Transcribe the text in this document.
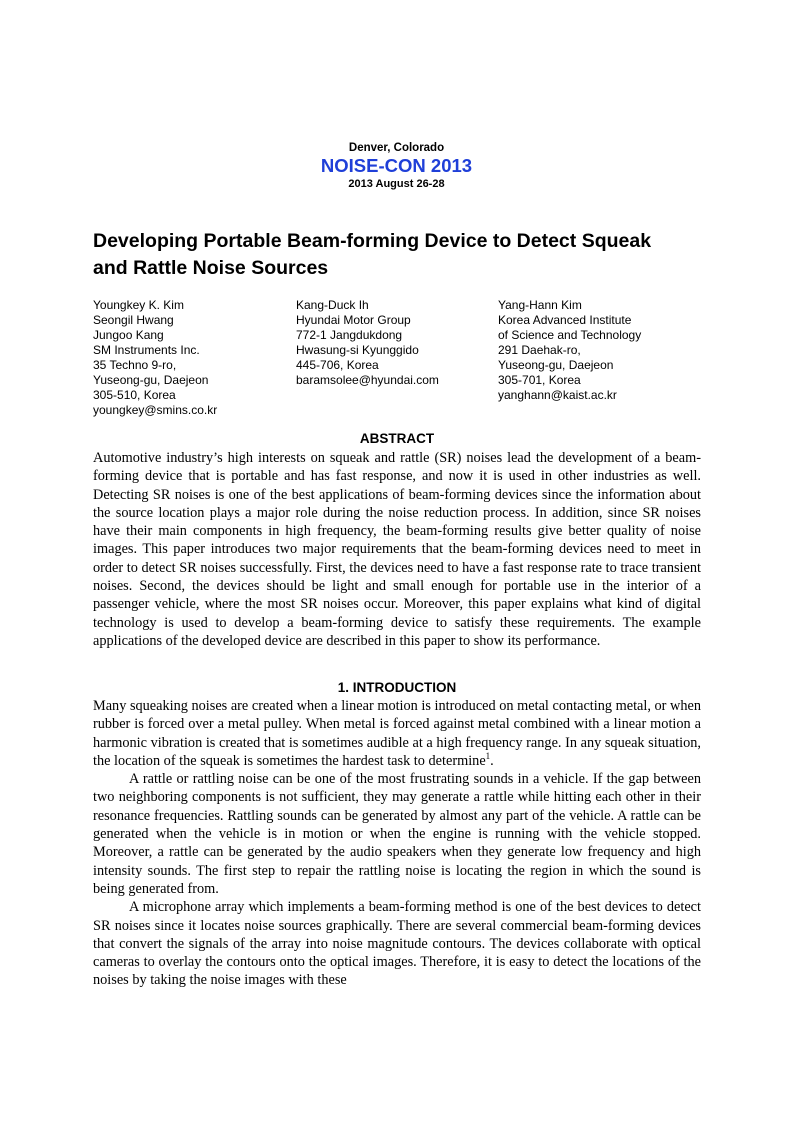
Denver, Colorado
NOISE-CON 2013
2013 August 26-28
Developing Portable Beam-forming Device to Detect Squeak
and Rattle Noise Sources
Youngkey K. Kim
Seongil Hwang
Jungoo Kang
SM Instruments Inc.
35 Techno 9-ro,
Yuseong-gu, Daejeon
305-510, Korea
youngkey@smins.co.kr
Kang-Duck Ih
Hyundai Motor Group
772-1 Jangdukdong
Hwasung-si Kyunggido
445-706, Korea
baramsolee@hyundai.com
Yang-Hann Kim
Korea Advanced Institute
of Science and Technology
291 Daehak-ro,
Yuseong-gu, Daejeon
305-701, Korea
yanghann@kaist.ac.kr
ABSTRACT

Automotive industry’s high interests on squeak and rattle (SR) noises lead the development of a beam-forming device that is portable and has fast response, and now it is used in other industries as well. Detecting SR noises is one of the best applications of beam-forming devices since the information about the source location plays a major role during the noise reduction process. In addition, since SR noises have their main components in high frequency, the beam-forming results give better quality of noise images. This paper introduces two major requirements that the beam-forming devices need to meet in order to detect SR noises successfully. First, the devices need to have a fast response rate to trace transient noises. Second, the devices should be light and small enough for portable use in the interior of a passenger vehicle, where the most SR noises occur. Moreover, this paper explains what kind of digital technology is used to develop a beam-forming device to satisfy these requirements. The example applications of the developed device are described in this paper to show its performance.

1. INTRODUCTION

Many squeaking noises are created when a linear motion is introduced on metal contacting metal, or when rubber is forced over a metal pulley. When metal is forced against metal combined with a linear motion a harmonic vibration is created that is sometimes audible at a high frequency range. In any squeak situation, the location of the squeak is sometimes the hardest task to determine$^1$.

A rattle or rattling noise can be one of the most frustrating sounds in a vehicle. If the gap between two neighboring components is not sufficient, they may generate a rattle while hitting each other in their resonance frequencies. Rattling sounds can be generated by almost any part of the vehicle. A rattle can be generated when the vehicle is in motion or when the engine is running with the vehicle stopped. Moreover, a rattle can be generated by the audio speakers when they generate low frequency and high intensity sounds. The first step to repair the rattling noise is locating the region in which the sound is being generated from.

A microphone array which implements a beam-forming method is one of the best devices to detect SR noises since it locates noise sources graphically. There are several commercial beam-forming devices that convert the signals of the array into noise magnitude contours. The devices collaborate with optical cameras to overlay the contours onto the optical images. Therefore, it is easy to detect the locations of the noises by taking the noise images with these
